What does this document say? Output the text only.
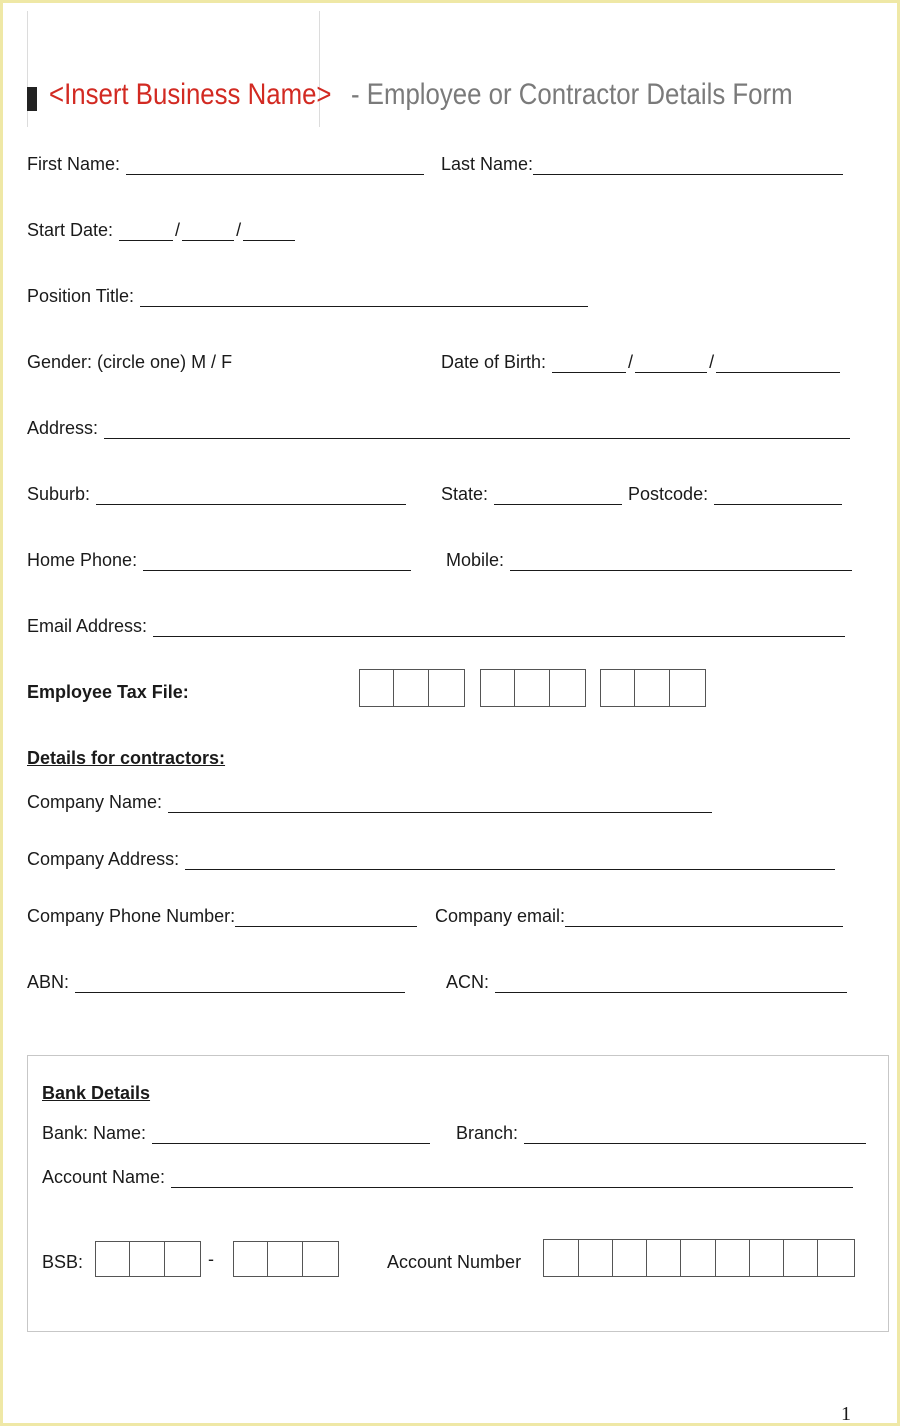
<Insert Business Name> - Employee or Contractor Details Form
First Name:	Last Name:
Start Date:	/	/
Position Title:
Gender: (circle one) M / F	Date of Birth:	/	/
Address:
Suburb:	State:	Postcode:
Home Phone:	Mobile:
Email Address:
Employee Tax File:
Details for contractors:
Company Name:
Company Address:
Company Phone Number:	Company email:
ABN:	ACN:
Bank Details
Bank: Name:	Branch:
Account Name:
BSB:	-	Account Number
1
